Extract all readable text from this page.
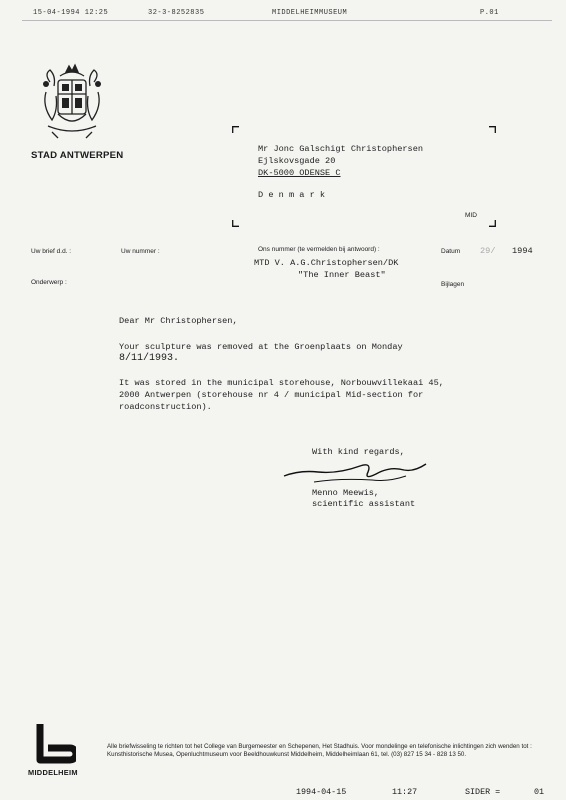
15-04-1994 12:25	32-3-8252835	MIDDELHEIMMUSEUM	P.01
STAD ANTWERPEN
Mr Jonc Galschigt Christophersen
Ejlskovsgade 20
DK-5000 ODENSE C
D e n m a r k
MID
Uw brief d.d. :	Uw nummer :	Ons nummer (te vermelden bij antwoord) :	Datum 29/ 1994
MTD V. A.G.Christophersen/DK
"The Inner Beast"
Onderwerp :	Bijlagen
Dear Mr Christophersen,
Your sculpture was removed at the Groenplaats on Monday
8/11/1993.
It was stored in the municipal storehouse, Norbouwvillekaai 45,
2000 Antwerpen (storehouse nr 4 / municipal Mid-section for
roadconstruction).
With kind regards,
Menno Meewis,
scientific assistant
MIDDELHEIM
Alle briefwisseling te richten tot het College van Burgemeester en Schepenen, Het Stadhuis. Voor mondelinge en telefonische inlichtingen zich wenden tot : Kunsthistorische Musea, Openluchtmuseum voor Beeldhouwkunst Middelheim, Middelheimlaan 61, tel. (03) 827 15 34 - 828 13 50.
1994-04-15	11:27	SIDER =	01
